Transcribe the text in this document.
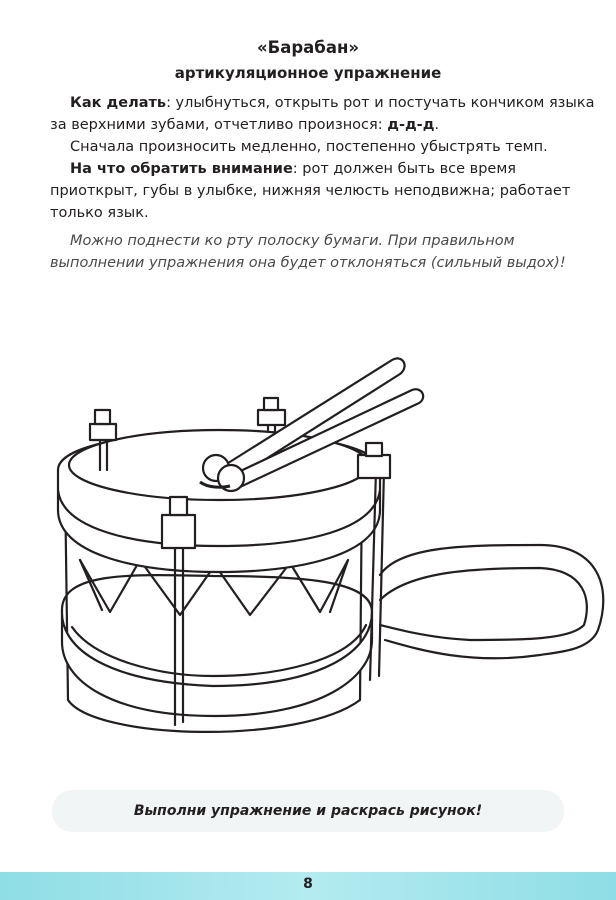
«Барабан»
артикуляционное упражнение

Как делать: улыбнуться, открыть рот и постучать кончиком языка за верхними зубами, отчетливо произнося: д-д-д.

Сначала произносить медленно, постепенно убыстрять темп.

На что обратить внимание: рот должен быть все время приоткрыт, губы в улыбке, нижняя челюсть неподвижна; работает только язык.

Можно поднести ко рту полоску бумаги. При правильном выполнении упражнения она будет отклоняться (сильный выдох)!

Выполни упражнение и раскрась рисунок!
8
